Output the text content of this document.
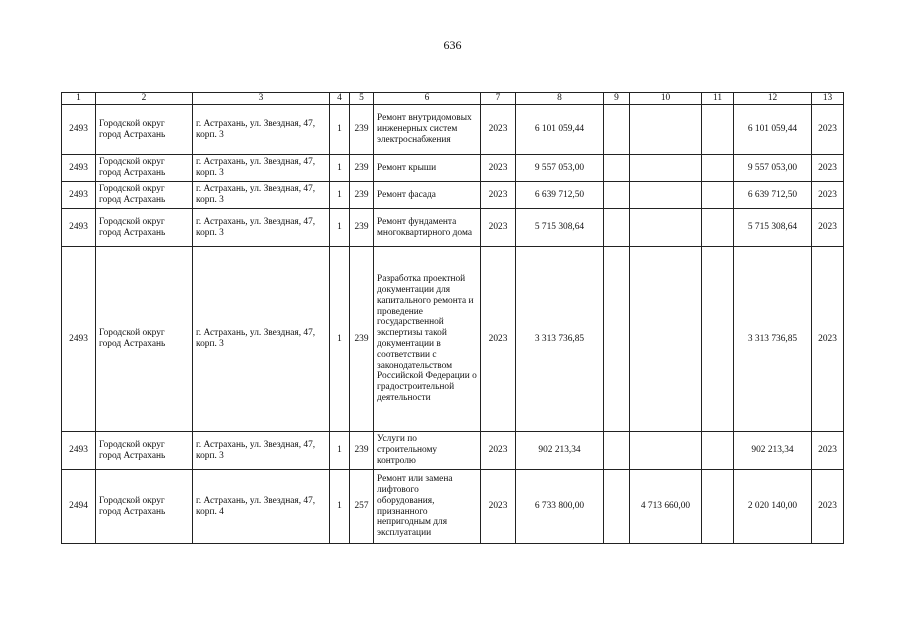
636
1	2	3	4	5	6	7	8	9	10	11	12	13
2493	Городской округ город Астрахань	г. Астрахань, ул. Звездная, 47, корп. 3	1	239	Ремонт внутридомовых инженерных систем электроснабжения	2023	6 101 059,44				6 101 059,44	2023
2493	Городской округ город Астрахань	г. Астрахань, ул. Звездная, 47, корп. 3	1	239	Ремонт крыши	2023	9 557 053,00				9 557 053,00	2023
2493	Городской округ город Астрахань	г. Астрахань, ул. Звездная, 47, корп. 3	1	239	Ремонт фасада	2023	6 639 712,50				6 639 712,50	2023
2493	Городской округ город Астрахань	г. Астрахань, ул. Звездная, 47, корп. 3	1	239	Ремонт фундамента многоквартирного дома	2023	5 715 308,64				5 715 308,64	2023
2493	Городской округ город Астрахань	г. Астрахань, ул. Звездная, 47, корп. 3	1	239	Разработка проектной документации для капитального ремонта и проведение государственной экспертизы такой документации в соответствии с законодательством Российской Федерации о градостроительной деятельности	2023	3 313 736,85				3 313 736,85	2023
2493	Городской округ город Астрахань	г. Астрахань, ул. Звездная, 47, корп. 3	1	239	Услуги по строительному контролю	2023	902 213,34				902 213,34	2023
2494	Городской округ город Астрахань	г. Астрахань, ул. Звездная, 47, корп. 4	1	257	Ремонт или замена лифтового оборудования, признанного непригодным для эксплуатации	2023	6 733 800,00		4 713 660,00		2 020 140,00	2023
